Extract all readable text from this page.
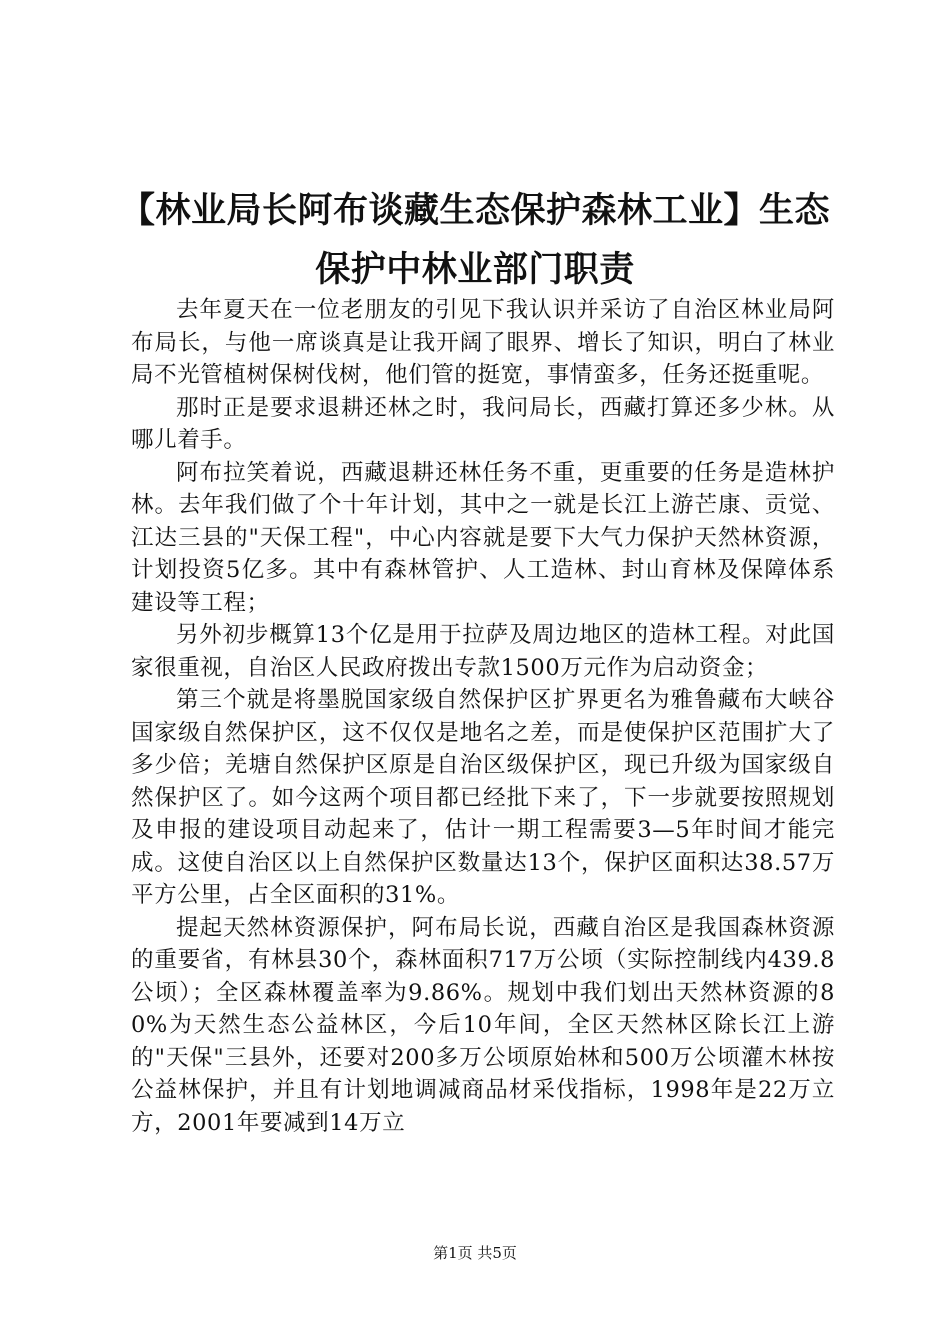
【林业局长阿布谈藏生态保护森林工业】生态保护中林业部门职责

去年夏天在一位老朋友的引见下我认识并采访了自治区林业局阿布局长，与他一席谈真是让我开阔了眼界、增长了知识，明白了林业局不光管植树保树伐树，他们管的挺宽，事情蛮多，任务还挺重呢。

那时正是要求退耕还林之时，我问局长，西藏打算还多少林。从哪儿着手。

阿布拉笑着说，西藏退耕还林任务不重，更重要的任务是造林护林。去年我们做了个十年计划，其中之一就是长江上游芒康、贡觉、江达三县的"天保工程"，中心内容就是要下大气力保护天然林资源，计划投资5亿多。其中有森林管护、人工造林、封山育林及保障体系建设等工程；

另外初步概算13个亿是用于拉萨及周边地区的造林工程。对此国家很重视，自治区人民政府拨出专款1500万元作为启动资金；

第三个就是将墨脱国家级自然保护区扩界更名为雅鲁藏布大峡谷国家级自然保护区，这不仅仅是地名之差，而是使保护区范围扩大了多少倍；羌塘自然保护区原是自治区级保护区，现已升级为国家级自然保护区了。如今这两个项目都已经批下来了，下一步就要按照规划及申报的建设项目动起来了，估计一期工程需要3—5年时间才能完成。这使自治区以上自然保护区数量达13个，保护区面积达38.57万平方公里，占全区面积的31%。

提起天然林资源保护，阿布局长说，西藏自治区是我国森林资源的重要省，有林县30个，森林面积717万公顷（实际控制线内439.8公顷）；全区森林覆盖率为9.86%。规划中我们划出天然林资源的80%为天然生态公益林区，今后10年间，全区天然林区除长江上游的"天保"三县外，还要对200多万公顷原始林和500万公顷灌木林按公益林保护，并且有计划地调减商品材采伐指标，1998年是22万立方，2001年要减到14万立

第1页 共5页
